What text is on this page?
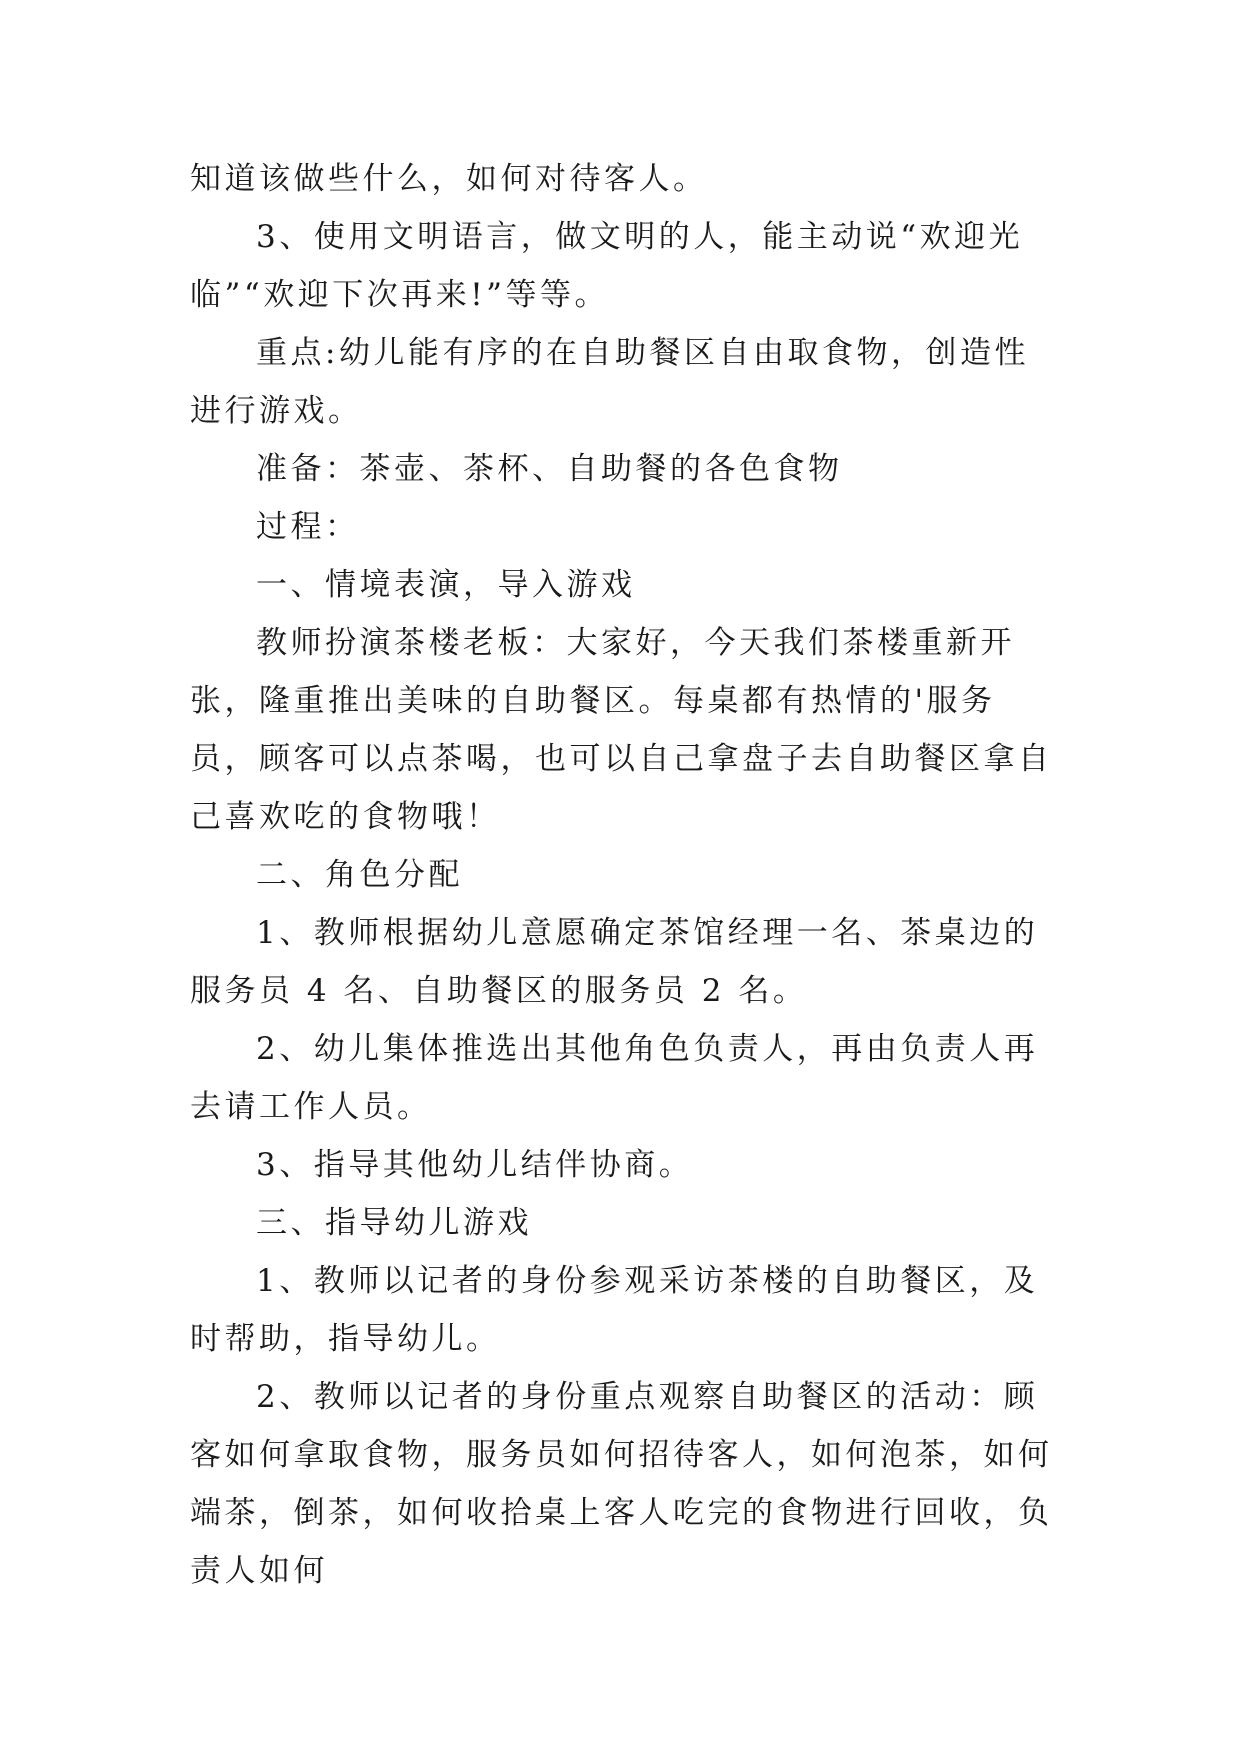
知道该做些什么，如何对待客人。

3、使用文明语言，做文明的人，能主动说“欢迎光临”“欢迎下次再来!”等等。

重点:幼儿能有序的在自助餐区自由取食物，创造性进行游戏。

准备：茶壶、茶杯、自助餐的各色食物

过程：

一、情境表演，导入游戏

教师扮演茶楼老板：大家好，今天我们茶楼重新开张，隆重推出美味的自助餐区。每桌都有热情的'服务员，顾客可以点茶喝，也可以自己拿盘子去自助餐区拿自己喜欢吃的食物哦！

二、角色分配

1、教师根据幼儿意愿确定茶馆经理一名、茶桌边的服务员 4 名、自助餐区的服务员 2 名。

2、幼儿集体推选出其他角色负责人，再由负责人再去请工作人员。

3、指导其他幼儿结伴协商。

三、指导幼儿游戏

1、教师以记者的身份参观采访茶楼的自助餐区，及时帮助，指导幼儿。

2、教师以记者的身份重点观察自助餐区的活动：顾客如何拿取食物，服务员如何招待客人，如何泡茶，如何端茶，倒茶，如何收拾桌上客人吃完的食物进行回收，负责人如何
